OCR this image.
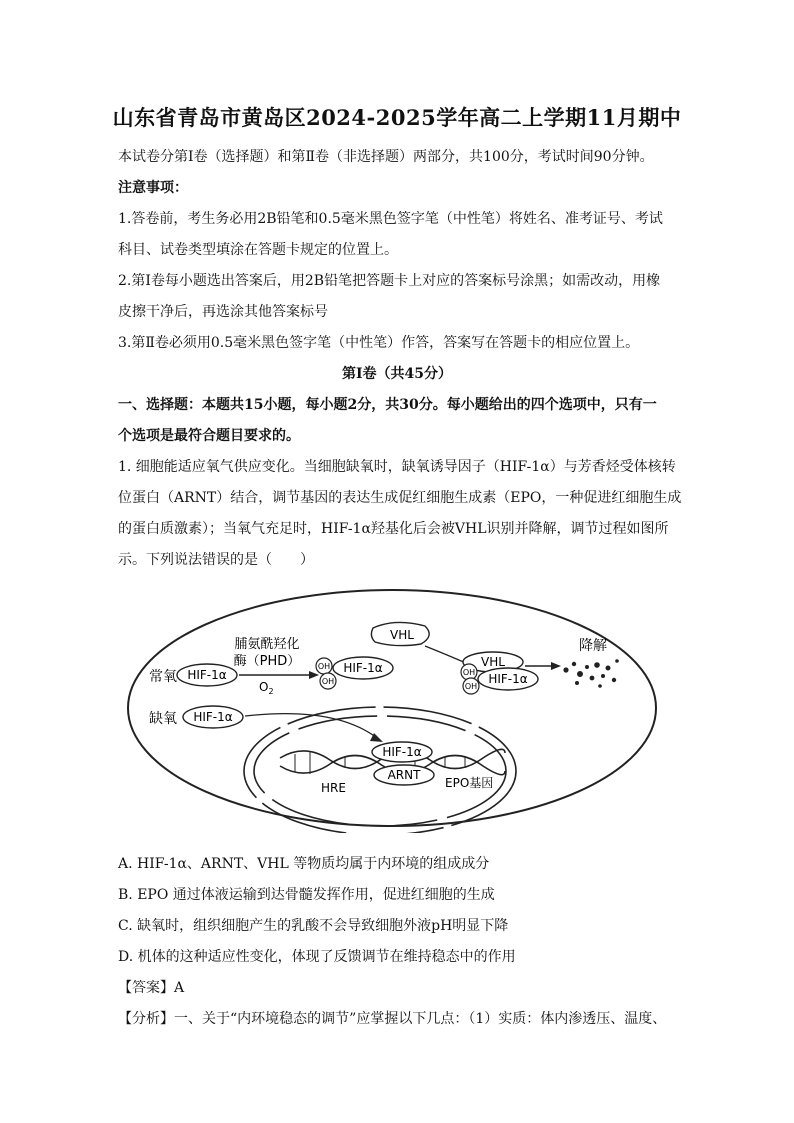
山东省青岛市黄岛区2024-2025学年高二上学期11月期中
本试卷分第Ⅰ卷（选择题）和第Ⅱ卷（非选择题）两部分，共100分，考试时间90分钟。
注意事项：
1.答卷前，考生务必用2B铅笔和0.5毫米黑色签字笔（中性笔）将姓名、准考证号、考试
科目、试卷类型填涂在答题卡规定的位置上。
2.第Ⅰ卷每小题选出答案后，用2B铅笔把答题卡上对应的答案标号涂黑；如需改动，用橡
皮擦干净后，再选涂其他答案标号
3.第Ⅱ卷必须用0.5毫米黑色签字笔（中性笔）作答，答案写在答题卡的相应位置上。
第Ⅰ卷（共45分）
一、选择题：本题共15小题，每小题2分，共30分。每小题给出的四个选项中，只有一
个选项是最符合题目要求的。
1. 细胞能适应氧气供应变化。当细胞缺氧时，缺氧诱导因子（HIF-1α）与芳香烃受体核转
位蛋白（ARNT）结合，调节基因的表达生成促红细胞生成素（EPO，一种促进红细胞生成
的蛋白质激素）；当氧气充足时，HIF-1α羟基化后会被VHL识别并降解，调节过程如图所
示。下列说法错误的是（　　）
常氧 HIF-1α
脯氨酰羟化
酶（PHD）
$O_2$
OH
OH
HIF-1α
VHL
VHL
OH
OH
HIF-1α
降解
缺氧 HIF-1α
HIF-1α
ARNT
HRE	EPO基因
A. HIF-1α、ARNT、VHL 等物质均属于内环境的组成成分
B. EPO 通过体液运输到达骨髓发挥作用，促进红细胞的生成
C. 缺氧时，组织细胞产生的乳酸不会导致细胞外液pH明显下降
D. 机体的这种适应性变化，体现了反馈调节在维持稳态中的作用
【答案】A
【分析】一、关于“内环境稳态的调节”应掌握以下几点：（1）实质：体内渗透压、温度、
